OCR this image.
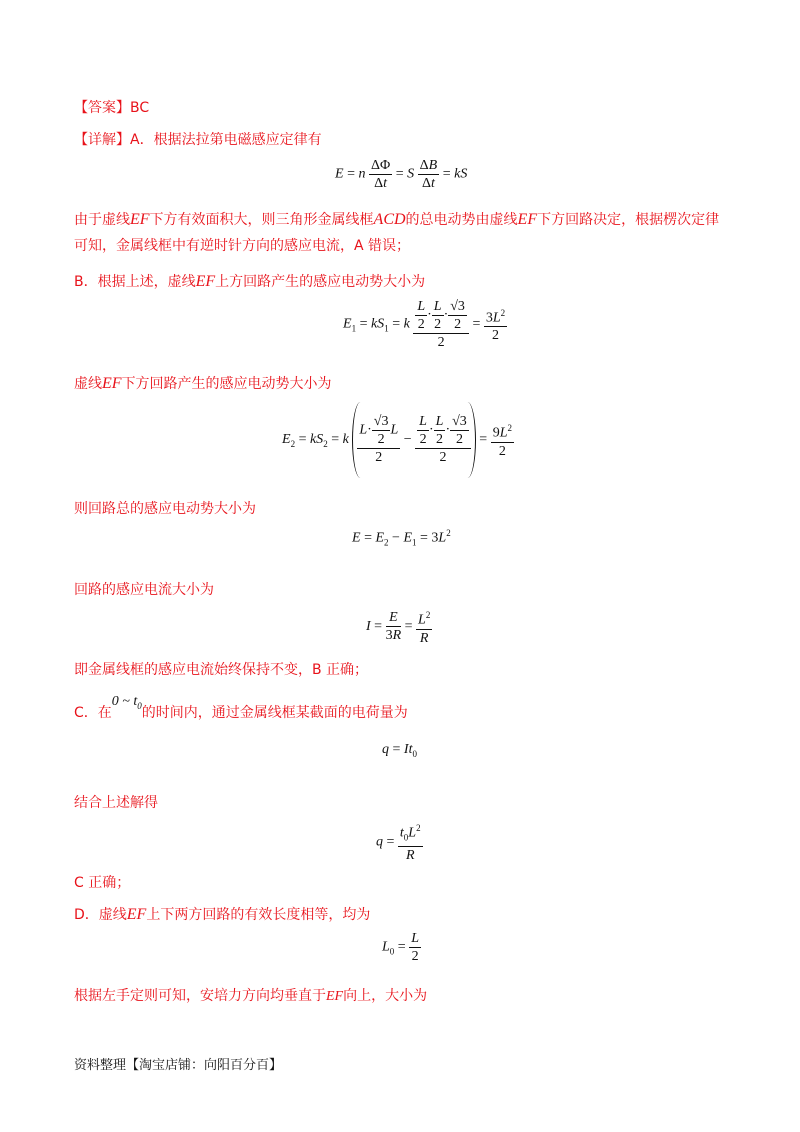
【答案】BC
【详解】A．根据法拉第电磁感应定律有
E = n $\frac{\Delta\Phi}{\Delta t} = S \frac{\Delta B}{\Delta t}$ = kS
由于虚线EF下方有效面积大，则三角形金属线框ACD的总电动势由虚线EF下方回路决定，根据楞次定律可知，金属线框中有逆时针方向的感应电流，A 错误；
B．根据上述，虚线EF上方回路产生的感应电动势大小为
$E_1 = kS_1 = k \frac{\frac{L}{2} \cdot \frac{L}{2} \cdot \frac{√3}{2}}{2} = \frac{3L^2}{2}$
虚线EF下方回路产生的感应电动势大小为
$E_2 = kS_2 = k \frac{L\cdot \frac{√3}{2} L}{2} - \frac{\frac{L}{2} \cdot \frac{L}{2} \cdot \frac{√3}{2}}{2} = \frac{9L^2}{2}$
则回路总的感应电动势大小为
$E = E_2 - E_1 = 3L^2$
回路的感应电流大小为
$I = \frac{E}{3R} = \frac{L^2}{R}$
即金属线框的感应电流始终保持不变，B 正确；
C．在0 ~ $t_0$的时间内，通过金属线框某截面的电荷量为
$q = It_0$
结合上述解得
$q = \frac{t_0L^2}{R}$
C 正确；
D．虚线EF上下两方回路的有效长度相等，均为
$L_0 = \frac{L}{2}$
根据左手定则可知，安培力方向均垂直于EF向上，大小为
资料整理【淘宝店铺：向阳百分百】
